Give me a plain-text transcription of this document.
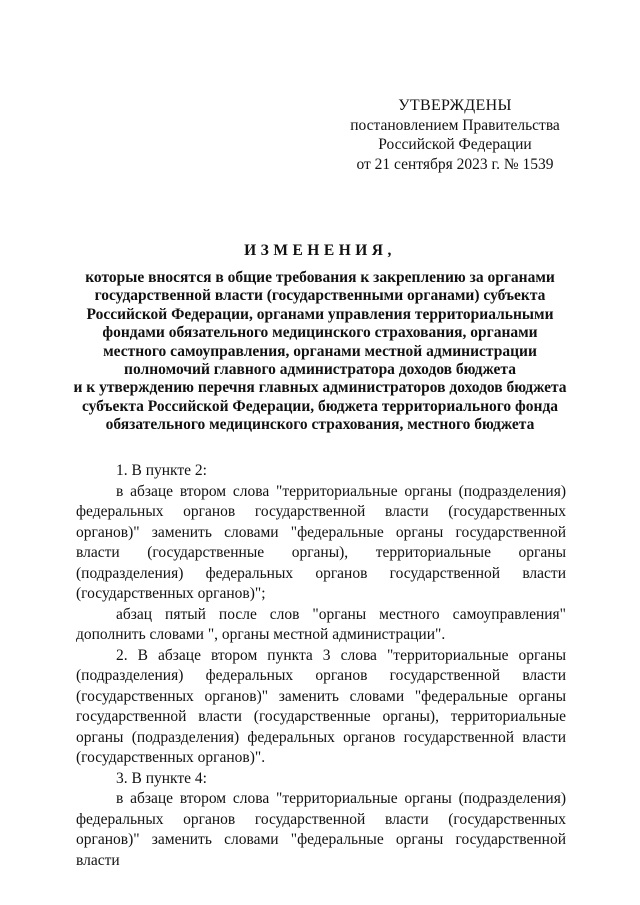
УТВЕРЖДЕНЫ
постановлением Правительства
Российской Федерации
от 21 сентября 2023 г. № 1539
ИЗМЕНЕНИЯ,
которые вносятся в общие требования к закреплению за органами
государственной власти (государственными органами) субъекта
Российской Федерации, органами управления территориальными
фондами обязательного медицинского страхования, органами
местного самоуправления, органами местной администрации
полномочий главного администратора доходов бюджета
и к утверждению перечня главных администраторов доходов бюджета
субъекта Российской Федерации, бюджета территориального фонда
обязательного медицинского страхования, местного бюджета

1. В пункте 2:

в абзаце втором слова "территориальные органы (подразделения) федеральных органов государственной власти (государственных органов)" заменить словами "федеральные органы государственной власти (государственные органы), территориальные органы (подразделения) федеральных органов государственной власти (государственных органов)";

абзац пятый после слов "органы местного самоуправления" дополнить словами ", органы местной администрации".

2. В абзаце втором пункта 3 слова "территориальные органы (подразделения) федеральных органов государственной власти (государственных органов)" заменить словами "федеральные органы государственной власти (государственные органы), территориальные органы (подразделения) федеральных органов государственной власти (государственных органов)".

3. В пункте 4:

в абзаце втором слова "территориальные органы (подразделения) федеральных органов государственной власти (государственных органов)" заменить словами "федеральные органы государственной власти
